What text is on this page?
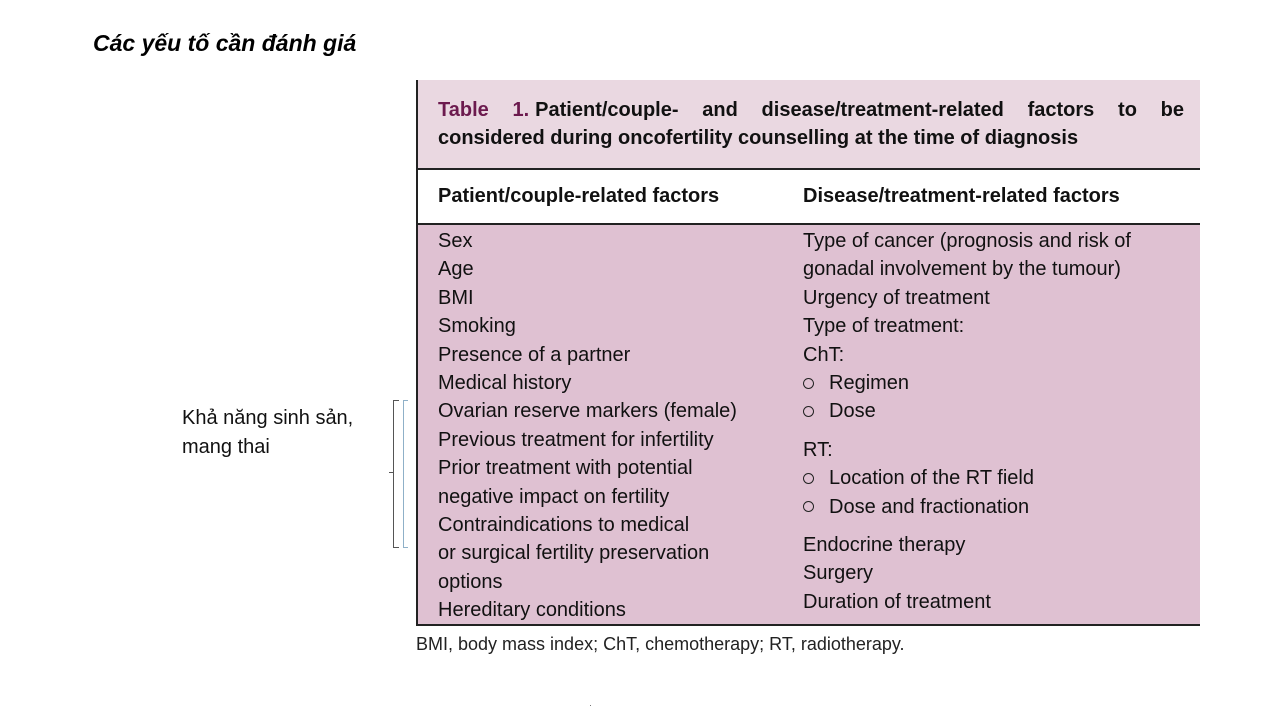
Các yếu tố cần đánh giá
Khả năng sinh sản,
mang thai

Table 1. Patient/couple- and disease/treatment-related factors to be considered during oncofertility counselling at the time of diagnosis

Patient/couple-related factors	Disease/treatment-related factors

Sex
Age
BMI
Smoking
Presence of a partner
Medical history
Ovarian reserve markers (female)
Previous treatment for infertility
Prior treatment with potential
negative impact on fertility
Contraindications to medical
or surgical fertility preservation
options
Hereditary conditions
Type of cancer (prognosis and risk of
gonadal involvement by the tumour)
Urgency of treatment
Type of treatment:
ChT:
Regimen
Dose
RT:
Location of the RT field
Dose and fractionation
Endocrine therapy
Surgery
Duration of treatment

BMI, body mass index; ChT, chemotherapy; RT, radiotherapy.
